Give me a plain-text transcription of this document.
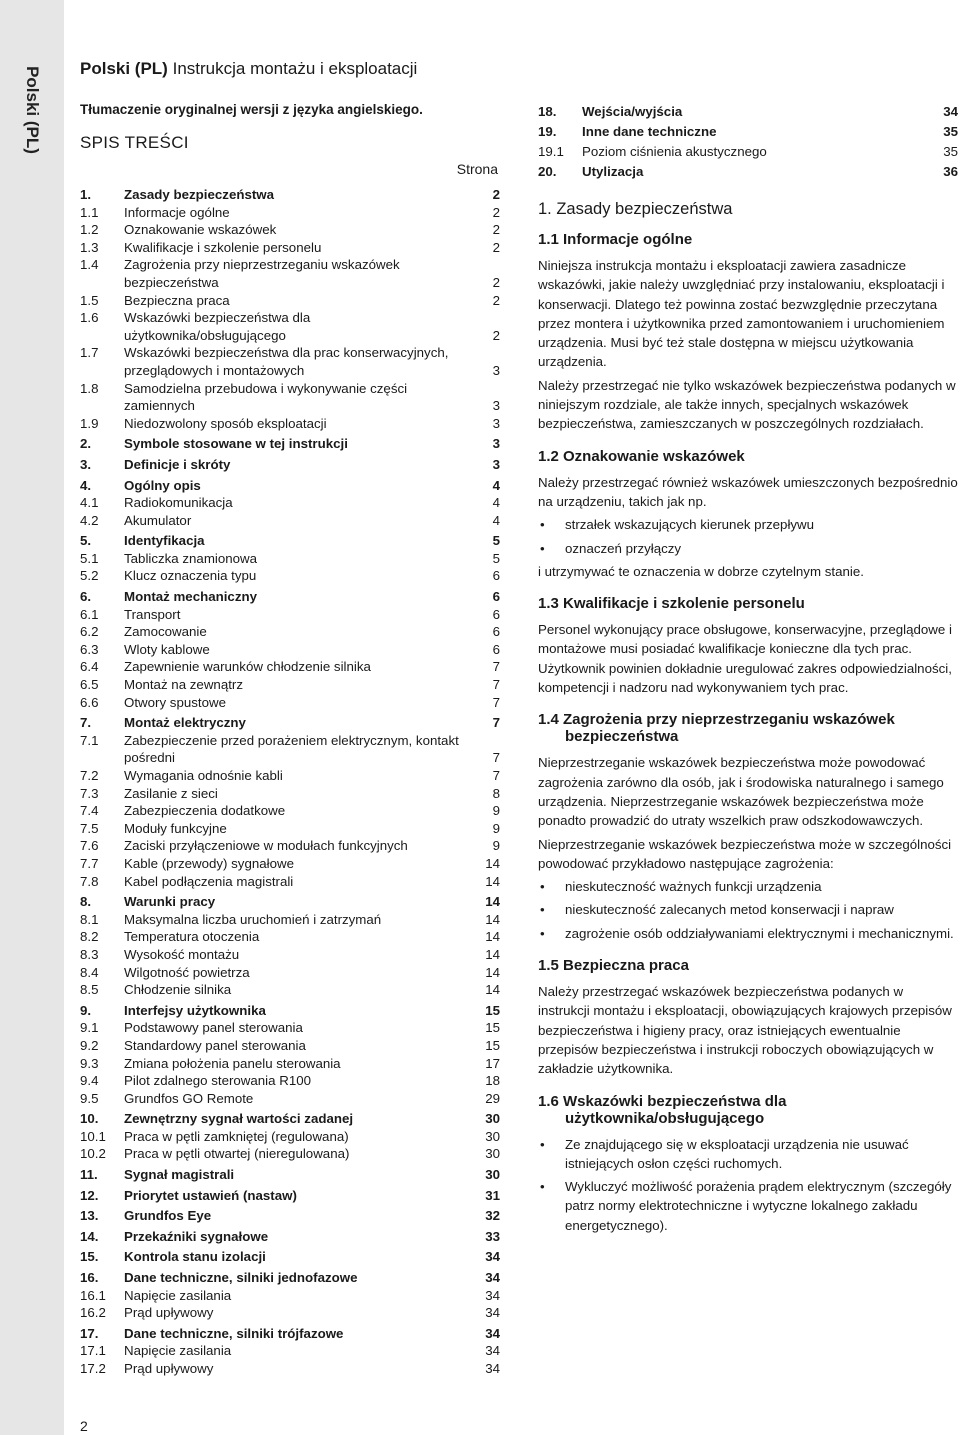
Polski (PL) Polski (PL) Instrukcja montażu i eksploatacji
Tłumaczenie oryginalnej wersji z języka angielskiego.
SPIS TREŚCI
Strona
1.	Zasady bezpieczeństwa	2
1.1	Informacje ogólne	2
1.2	Oznakowanie wskazówek	2
1.3	Kwalifikacje i szkolenie personelu	2
1.4	Zagrożenia przy nieprzestrzeganiu wskazówek bezpieczeństwa	2
1.5	Bezpieczna praca	2
1.6	Wskazówki bezpieczeństwa dla użytkownika/obsługującego	2
1.7	Wskazówki bezpieczeństwa dla prac konserwacyjnych, przeglądowych i montażowych	3
1.8	Samodzielna przebudowa i wykonywanie części zamiennych	3
1.9	Niedozwolony sposób eksploatacji	3
2.	Symbole stosowane w tej instrukcji	3
3.	Definicje i skróty	3
4.	Ogólny opis	4
4.1	Radiokomunikacja	4
4.2	Akumulator	4
5.	Identyfikacja	5
5.1	Tabliczka znamionowa	5
5.2	Klucz oznaczenia typu	6
6.	Montaż mechaniczny	6
6.1	Transport	6
6.2	Zamocowanie	6
6.3	Wloty kablowe	6
6.4	Zapewnienie warunków chłodzenie silnika	7
6.5	Montaż na zewnątrz	7
6.6	Otwory spustowe	7
7.	Montaż elektryczny	7
7.1	Zabezpieczenie przed porażeniem elektrycznym, kontakt pośredni	7
7.2	Wymagania odnośnie kabli	7
7.3	Zasilanie z sieci	8
7.4	Zabezpieczenia dodatkowe	9
7.5	Moduły funkcyjne	9
7.6	Zaciski przyłączeniowe w modułach funkcyjnych	9
7.7	Kable (przewody) sygnałowe	14
7.8	Kabel podłączenia magistrali	14
8.	Warunki pracy	14
8.1	Maksymalna liczba uruchomień i zatrzymań	14
8.2	Temperatura otoczenia	14
8.3	Wysokość montażu	14
8.4	Wilgotność powietrza	14
8.5	Chłodzenie silnika	14
9.	Interfejsy użytkownika	15
9.1	Podstawowy panel sterowania	15
9.2	Standardowy panel sterowania	15
9.3	Zmiana położenia panelu sterowania	17
9.4	Pilot zdalnego sterowania R100	18
9.5	Grundfos GO Remote	29
10.	Zewnętrzny sygnał wartości zadanej	30
10.1	Praca w pętli zamkniętej (regulowana)	30
10.2	Praca w pętli otwartej (nieregulowana)	30
11.	Sygnał magistrali	30
12.	Priorytet ustawień (nastaw)	31
13.	Grundfos Eye	32
14.	Przekaźniki sygnałowe	33
15.	Kontrola stanu izolacji	34
16.	Dane techniczne, silniki jednofazowe	34
16.1	Napięcie zasilania	34
16.2	Prąd upływowy	34
17.	Dane techniczne, silniki trójfazowe	34
17.1	Napięcie zasilania	34
17.2	Prąd upływowy	34
18.	Wejścia/wyjścia	34
19.	Inne dane techniczne	35
19.1	Poziom ciśnienia akustycznego	35
20.	Utylizacja	36
1. Zasady bezpieczeństwa
1.1 Informacje ogólne

Niniejsza instrukcja montażu i eksploatacji zawiera zasadnicze wskazówki, jakie należy uwzględniać przy instalowaniu, eksploatacji i konserwacji. Dlatego też powinna zostać bezwzględnie przeczytana przez montera i użytkownika przed zamontowaniem i uruchomieniem urządzenia. Musi być też stale dostępna w miejscu użytkowania urządzenia.

Należy przestrzegać nie tylko wskazówek bezpieczeństwa podanych w niniejszym rozdziale, ale także innych, specjalnych wskazówek bezpieczeństwa, zamieszczanych w poszczególnych rozdziałach.

1.2 Oznakowanie wskazówek

Należy przestrzegać również wskazówek umieszczonych bezpośrednio na urządzeniu, takich jak np.

• strzałek wskazujących kierunek przepływu
• oznaczeń przyłączy

i utrzymywać te oznaczenia w dobrze czytelnym stanie.

1.3 Kwalifikacje i szkolenie personelu

Personel wykonujący prace obsługowe, konserwacyjne, przeglądowe i montażowe musi posiadać kwalifikacje konieczne dla tych prac. Użytkownik powinien dokładnie uregulować zakres odpowiedzialności, kompetencji i nadzoru nad wykonywaniem tych prac.

1.4 Zagrożenia przy nieprzestrzeganiu wskazówek bezpieczeństwa

Nieprzestrzeganie wskazówek bezpieczeństwa może powodować zagrożenia zarówno dla osób, jak i środowiska naturalnego i samego urządzenia. Nieprzestrzeganie wskazówek bezpieczeństwa może ponadto prowadzić do utraty wszelkich praw odszkodowawczych.

Nieprzestrzeganie wskazówek bezpieczeństwa może w szczególności powodować przykładowo następujące zagrożenia:

• nieskuteczność ważnych funkcji urządzenia
• nieskuteczność zalecanych metod konserwacji i napraw
• zagrożenie osób oddziaływaniami elektrycznymi i mechanicznymi.
1.5 Bezpieczna praca

Należy przestrzegać wskazówek bezpieczeństwa podanych w instrukcji montażu i eksploatacji, obowiązujących krajowych przepisów bezpieczeństwa i higieny pracy, oraz istniejących ewentualnie przepisów bezpieczeństwa i instrukcji roboczych obowiązujących w zakładzie użytkownika.

1.6 Wskazówki bezpieczeństwa dla użytkownika/obsługującego
• Ze znajdującego się w eksploatacji urządzenia nie usuwać istniejących osłon części ruchomych.
• Wykluczyć możliwość porażenia prądem elektrycznym (szczegóły patrz normy elektrotechniczne i wytyczne lokalnego zakładu energetycznego).
2
